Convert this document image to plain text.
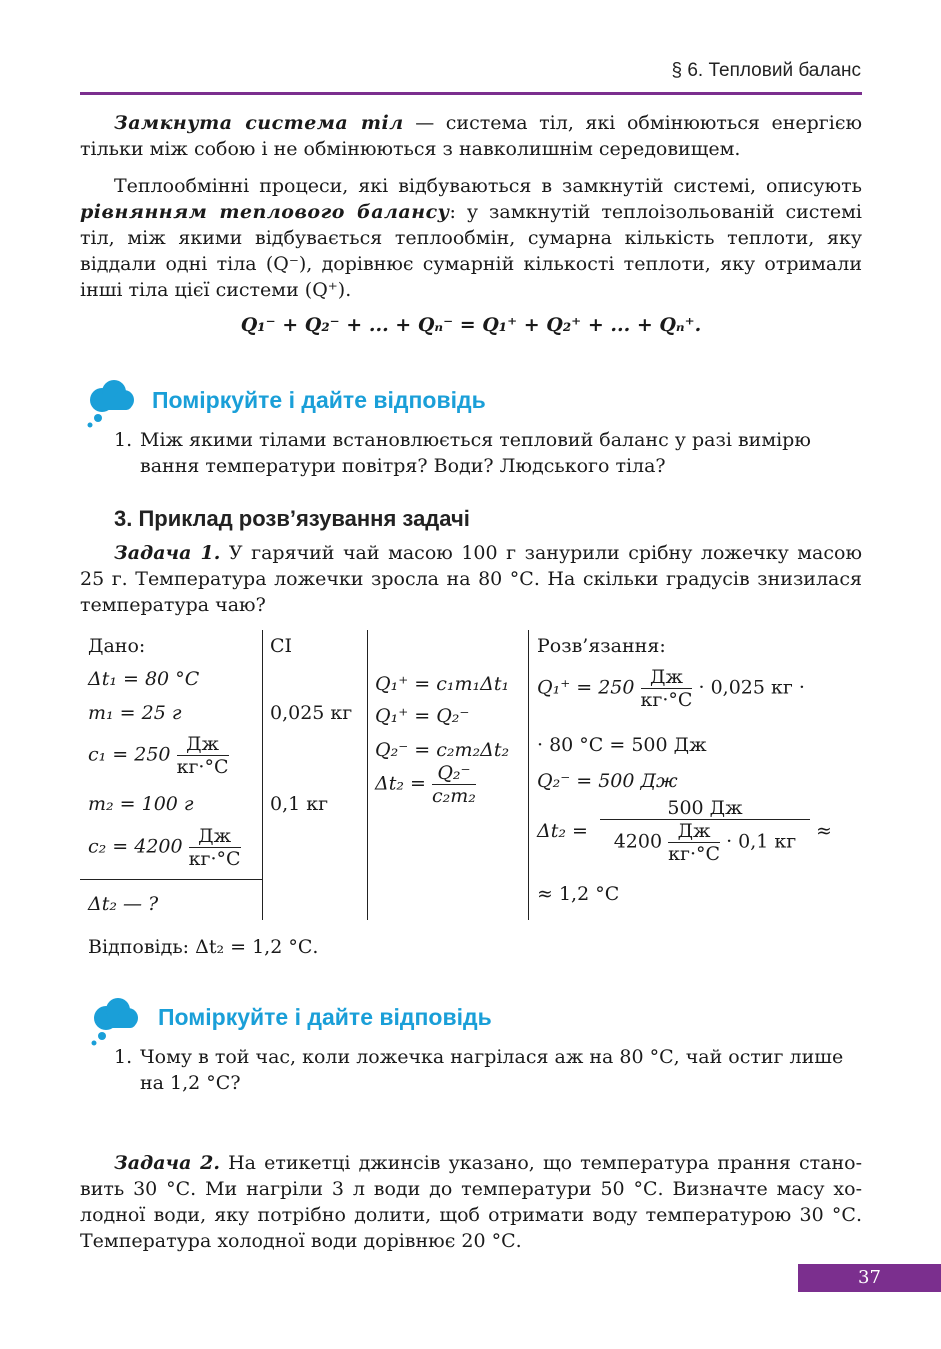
§ 6. Тепловий баланс
Замкнута система тіл — система тіл, які обмінюються енергією тільки між собою і не обмінюються з навколишнім середовищем.
Теплообмінні процеси, які відбуваються в замкнутій системі, описують рівнянням теплового балансу: у замкнутій теплоізольованій системі тіл, між якими відбувається теплообмін, сумарна кількість теплоти, яку віддали одні тіла (Q⁻), дорівнює сумарній кількості теплоти, яку отримали інші тіла цієї системи (Q⁺).
Q₁⁻ + Q₂⁻ + ... + Qₙ⁻ = Q₁⁺ + Q₂⁺ + ... + Qₙ⁺.
Поміркуйте і дайте відповідь
1. Між якими тілами встановлюється тепловий баланс у разі вимірю
вання температури повітря? Води? Людського тіла?
3. Приклад розв’язування задачі
Задача 1. У гарячий чай масою 100 г занурили срібну ложечку масою 25 г. Температура ложечки зросла на 80 °С. На скільки градусів знизилася температура чаю?
Дано:
Δt₁ = 80 °С
m₁ = 25 г
$c_1 = 250 \frac{Дж}{кг\cdot^\circ С}$
m₂ = 100 г
$c_2 = 4200 \frac{Дж}{кг\cdot^\circ С}$
Δt₂ — ?
СІ
0,025 кг
0,1 кг
Q₁⁺ = c₁m₁Δt₁
Q₁⁺ = Q₂⁻
Q₂⁻ = c₂m₂Δt₂
$\Delta t_2 = \frac{\text{Q₂⁻}}{\text{c₂m₂}}$
Розв’язання:
$Q_1^+ = 250 \frac{Дж}{кг\cdot^\circ С} \cdot 0,025$ кг ·
· 80 °С = 500 Дж
Q₂⁻ = 500 Дж
$\Delta t_2 = \frac{500 Дж}{4200 \frac{Дж}{кг\cdot^\circ С} \cdot 0,1 кг}$ ≈
≈ 1,2 °С
Відповідь: Δt₂ = 1,2 °С.
Поміркуйте і дайте відповідь
1. Чому в той час, коли ложечка нагрілася аж на 80 °С, чай остиг лише
на 1,2 °С?
Задача 2. На етикетці джинсів указано, що температура прання становить 30 °С. Ми нагріли 3 л води до температури 50 °С. Визначте масу холодної води, яку потрібно долити, щоб отримати воду температурою 30 °С. Температура холодної води дорівнює 20 °С.
37
